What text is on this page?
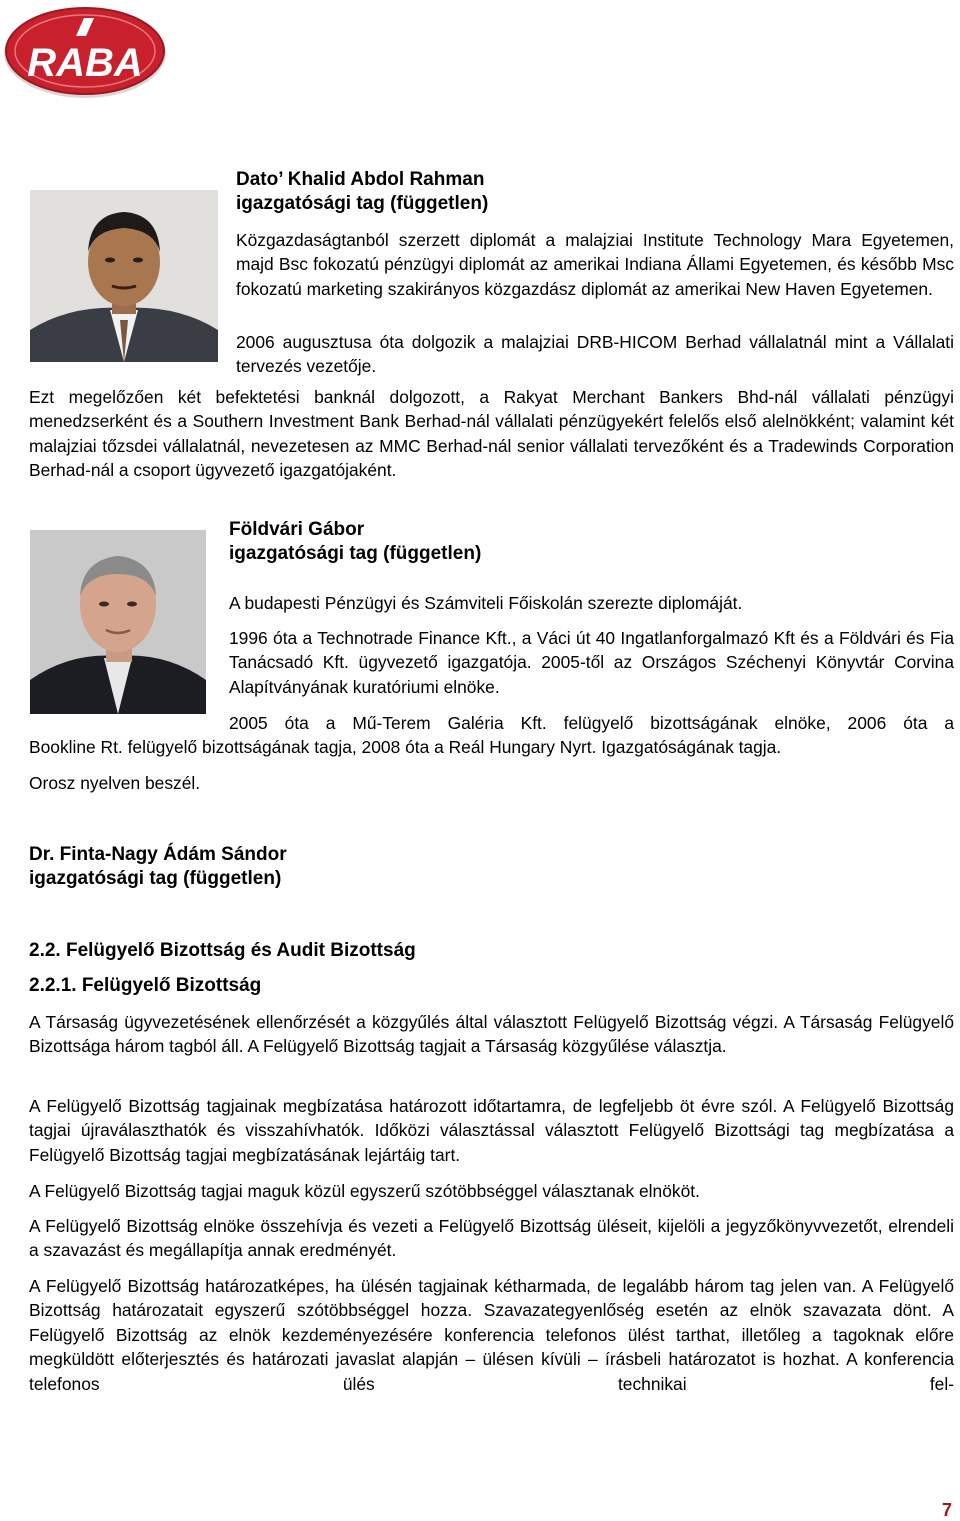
RABA
Dato’ Khalid Abdol Rahman
igazgatósági tag (független)

Közgazdaságtanból szerzett diplomát a malajziai Institute Technology Mara Egyetemen, majd Bsc fokozatú pénzügyi diplomát az amerikai Indiana Állami Egyetemen, és később Msc fokozatú marketing szakirányos közgazdász diplomát az amerikai New Haven Egyetemen.

2006 augusztusa óta dolgozik a malajziai DRB-HICOM Berhad vállalatnál mint a Vállalati tervezés vezetője.

Ezt megelőzően két befektetési banknál dolgozott, a Rakyat Merchant Bankers Bhd-nál vállalati pénzügyi menedzserként és a Southern Investment Bank Berhad-nál vállalati pénzügyekért felelős első alelnökként; valamint két malajziai tőzsdei vállalatnál, nevezetesen az MMC Berhad-nál senior vállalati tervezőként és a Tradewinds Corporation Berhad-nál a csoport ügyvezető igazgatójaként.

Földvári Gábor
igazgatósági tag (független)

A budapesti Pénzügyi és Számviteli Főiskolán szerezte diplomáját.

1996 óta a Technotrade Finance Kft., a Váci út 40 Ingatlanforgalmazó Kft és a Földvári és Fia Tanácsadó Kft. ügyvezető igazgatója. 2005-től az Országos Széchenyi Könyvtár Corvina Alapítványának kuratóriumi elnöke.

2005 óta a Mű-Terem Galéria Kft. felügyelő bizottságának elnöke, 2006 óta a

Bookline Rt. felügyelő bizottságának tagja, 2008 óta a Reál Hungary Nyrt. Igazgatóságának tagja.

Orosz nyelven beszél.

Dr. Finta-Nagy Ádám Sándor
igazgatósági tag (független)
2.2. Felügyelő Bizottság és Audit Bizottság
2.2.1. Felügyelő Bizottság

A Társaság ügyvezetésének ellenőrzését a közgyűlés által választott Felügyelő Bizottság végzi. A Társaság Felügyelő Bizottsága három tagból áll. A Felügyelő Bizottság tagjait a Társaság közgyűlése választja.

A Felügyelő Bizottság tagjainak megbízatása határozott időtartamra, de legfeljebb öt évre szól. A Felügyelő Bizottság tagjai újraválaszthatók és visszahívhatók. Időközi választással választott Felügyelő Bizottsági tag megbízatása a Felügyelő Bizottság tagjai megbízatásának lejártáig tart.

A Felügyelő Bizottság tagjai maguk közül egyszerű szótöbbséggel választanak elnököt.

A Felügyelő Bizottság elnöke összehívja és vezeti a Felügyelő Bizottság üléseit, kijelöli a jegyzőkönyvvezetőt, elrendeli a szavazást és megállapítja annak eredményét.

A Felügyelő Bizottság határozatképes, ha ülésén tagjainak kétharmada, de legalább három tag jelen van. A Felügyelő Bizottság határozatait egyszerű szótöbbséggel hozza. Szavazategyenlőség esetén az elnök szavazata dönt. A Felügyelő Bizottság az elnök kezdeményezésére konferencia telefonos ülést tarthat, illetőleg a tagoknak előre megküldött előterjesztés és határozati javaslat alapján – ülésen kívüli – írásbeli határozatot is hozhat. A konferencia telefonos ülés technikai fel-

7
